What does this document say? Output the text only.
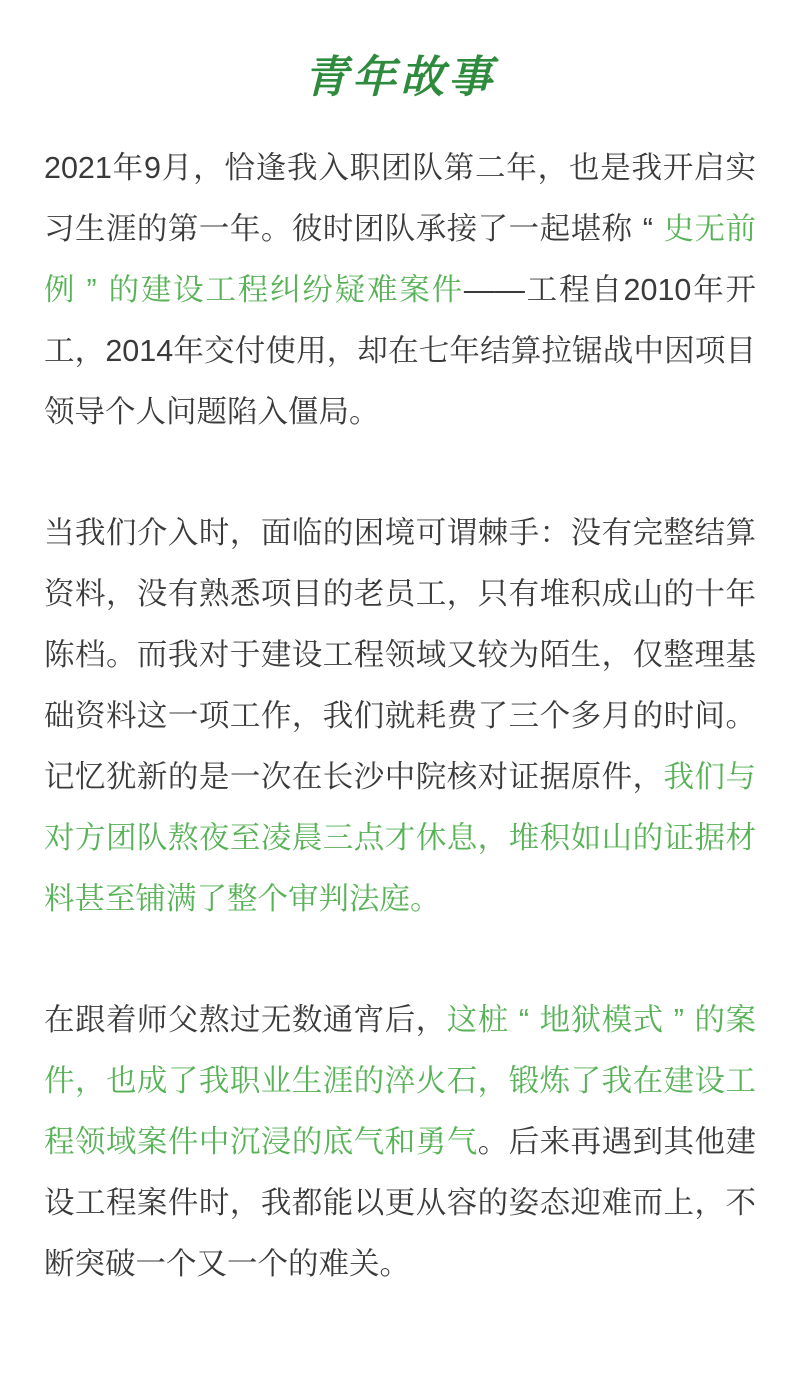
青年故事

2021年9月，恰逢我入职团队第二年，也是我开启实习生涯的第一年。彼时团队承接了一起堪称 “ 史无前例 ” 的建设工程纠纷疑难案件——工程自2010年开工，2014年交付使用，却在七年结算拉锯战中因项目领导个人问题陷入僵局。

当我们介入时，面临的困境可谓棘手：没有完整结算资料，没有熟悉项目的老员工，只有堆积成山的十年陈档。而我对于建设工程领域又较为陌生，仅整理基础资料这一项工作，我们就耗费了三个多月的时间。记忆犹新的是一次在长沙中院核对证据原件，我们与对方团队熬夜至凌晨三点才休息，堆积如山的证据材料甚至铺满了整个审判法庭。

在跟着师父熬过无数通宵后，这桩 “ 地狱模式 ” 的案件，也成了我职业生涯的淬火石，锻炼了我在建设工程领域案件中沉浸的底气和勇气。后来再遇到其他建设工程案件时，我都能以更从容的姿态迎难而上，不断突破一个又一个的难关。
